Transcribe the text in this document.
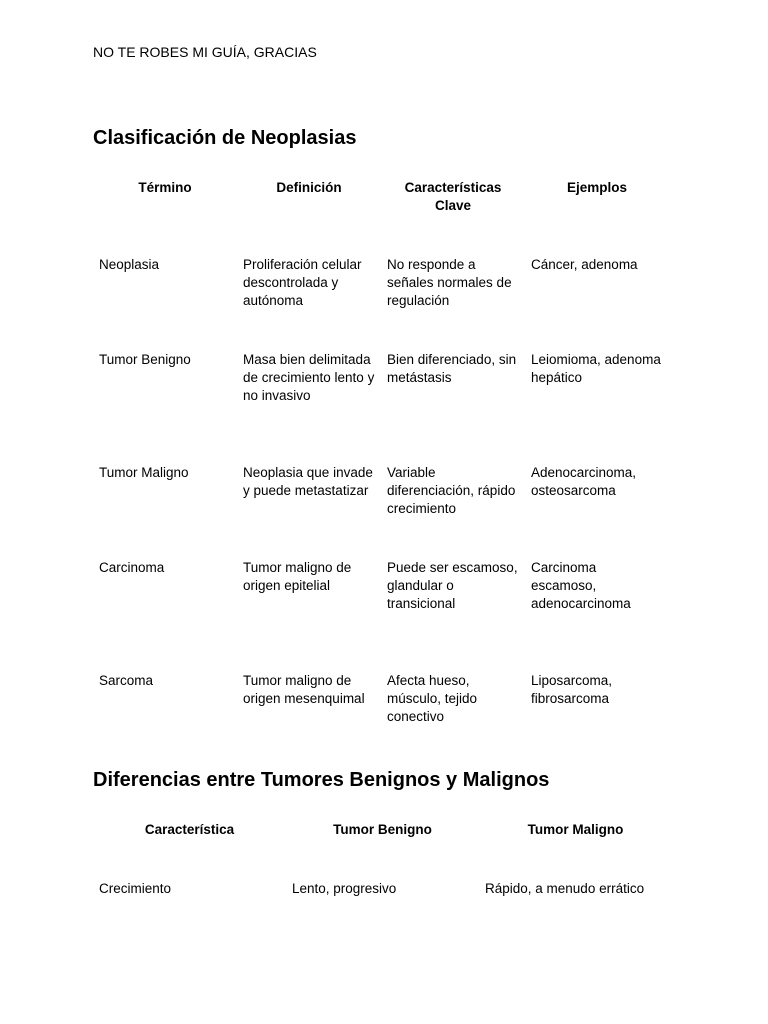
NO TE ROBES MI GUÍA, GRACIAS

Clasificación de Neoplasias
Término	Definición	Características Clave	Ejemplos
Neoplasia	Proliferación celular descontrolada y autónoma	No responde a señales normales de regulación	Cáncer, adenoma
Tumor Benigno	Masa bien delimitada de crecimiento lento y no invasivo	Bien diferenciado, sin metástasis	Leiomioma, adenoma hepático
Tumor Maligno	Neoplasia que invade y puede metastatizar	Variable diferenciación, rápido crecimiento	Adenocarcinoma, osteosarcoma
Carcinoma	Tumor maligno de origen epitelial	Puede ser escamoso, glandular o transicional	Carcinoma escamoso, adenocarcinoma
Sarcoma	Tumor maligno de origen mesenquimal	Afecta hueso, músculo, tejido conectivo	Liposarcoma, fibrosarcoma
Diferencias entre Tumores Benignos y Malignos
Característica	Tumor Benigno	Tumor Maligno
Crecimiento	Lento, progresivo	Rápido, a menudo errático
